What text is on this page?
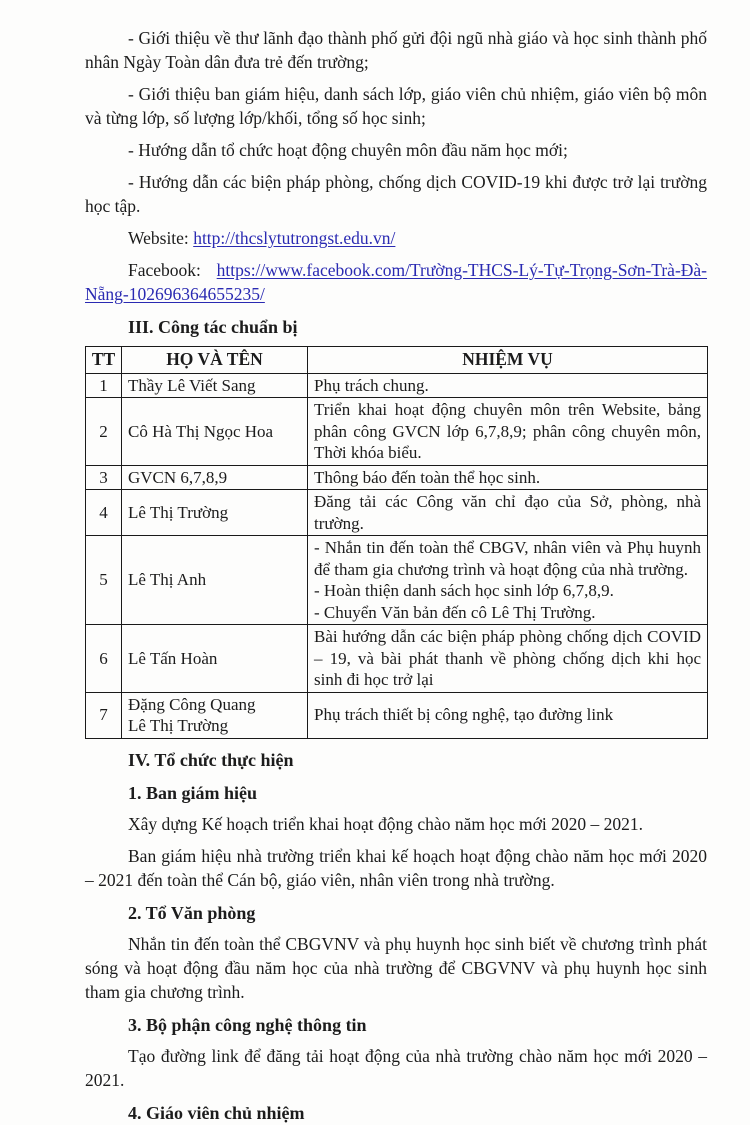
- Giới thiệu về thư lãnh đạo thành phố gửi đội ngũ nhà giáo và học sinh thành phố nhân Ngày Toàn dân đưa trẻ đến trường;

- Giới thiệu ban giám hiệu, danh sách lớp, giáo viên chủ nhiệm, giáo viên bộ môn và từng lớp, số lượng lớp/khối, tổng số học sinh;

- Hướng dẫn tổ chức hoạt động chuyên môn đầu năm học mới;

- Hướng dẫn các biện pháp phòng, chống dịch COVID-19 khi được trở lại trường học tập.

Website: http://thcslytutrongst.edu.vn/

Facebook: https://www.facebook.com/Trường-THCS-Lý-Tự-Trọng-Sơn-Trà-Đà-Nẵng-102696364655235/

III. Công tác chuẩn bị
TT	HỌ VÀ TÊN	NHIỆM VỤ
1	Thầy Lê Viết Sang	Phụ trách chung.

2	Cô Hà Thị Ngọc Hoa	Triển khai hoạt động chuyên môn trên Website, bảng phân công GVCN lớp 6,7,8,9; phân công chuyên môn, Thời khóa biểu.

3	GVCN 6,7,8,9	Thông báo đến toàn thể học sinh.

4	Lê Thị Trường	Đăng tải các Công văn chỉ đạo của Sở, phòng, nhà trường.

5	Lê Thị Anh	- Nhắn tin đến toàn thể CBGV, nhân viên và Phụ huynh để tham gia chương trình và hoạt động của nhà trường.
- Hoàn thiện danh sách học sinh lớp 6,7,8,9.
- Chuyển Văn bản đến cô Lê Thị Trường.

6	Lê Tấn Hoàn	Bài hướng dẫn các biện pháp phòng chống dịch COVID – 19, và bài phát thanh về phòng chống dịch khi học sinh đi học trở lại

7	Đặng Công Quang
Lê Thị Trường	Phụ trách thiết bị công nghệ, tạo đường link
IV. Tổ chức thực hiện
1. Ban giám hiệu

Xây dựng Kế hoạch triển khai hoạt động chào năm học mới 2020 – 2021.

Ban giám hiệu nhà trường triển khai kế hoạch hoạt động chào năm học mới 2020 – 2021 đến toàn thể Cán bộ, giáo viên, nhân viên trong nhà trường.

2. Tổ Văn phòng

Nhắn tin đến toàn thể CBGVNV và phụ huynh học sinh biết về chương trình phát sóng và hoạt động đầu năm học của nhà trường để CBGVNV và phụ huynh học sinh tham gia chương trình.

3. Bộ phận công nghệ thông tin

Tạo đường link để đăng tải hoạt động của nhà trường chào năm học mới 2020 – 2021.

4. Giáo viên chủ nhiệm
